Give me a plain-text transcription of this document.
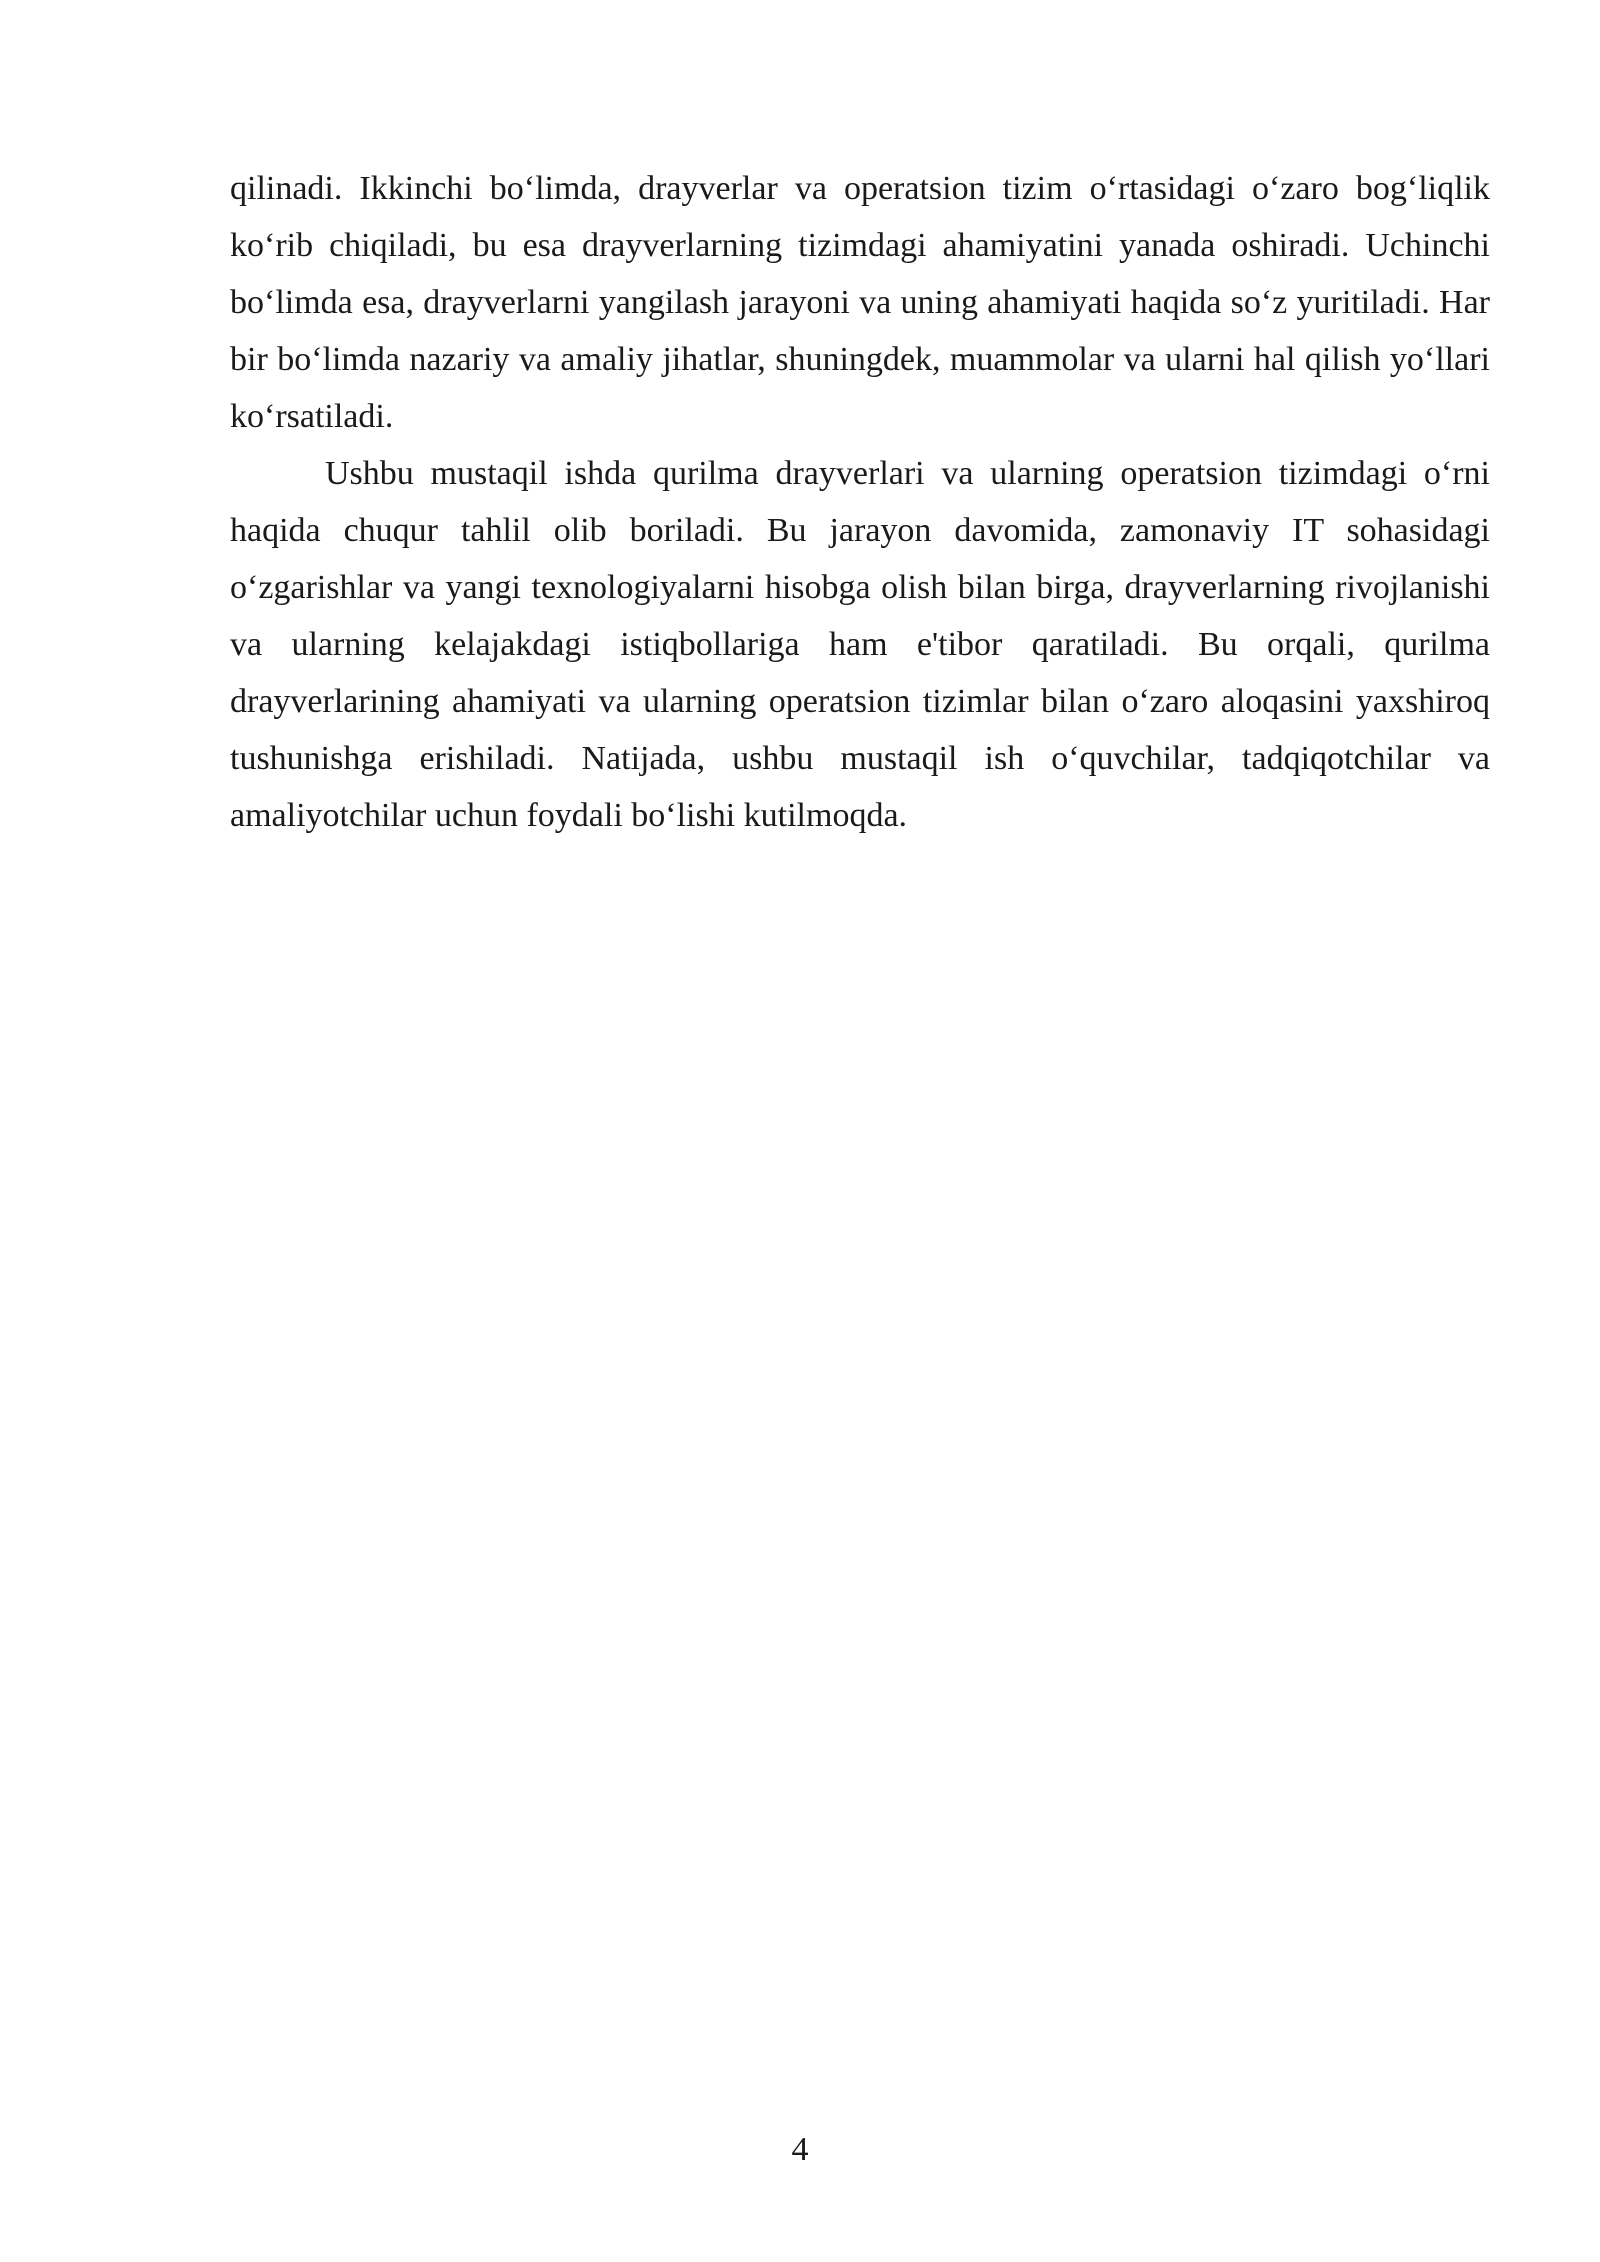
qilinadi. Ikkinchi bo‘limda, drayverlar va operatsion tizim o‘rtasidagi o‘zaro bog‘liqlik ko‘rib chiqiladi, bu esa drayverlarning tizimdagi ahamiyatini yanada oshiradi. Uchinchi bo‘limda esa, drayverlarni yangilash jarayoni va uning ahamiyati haqida so‘z yuritiladi. Har bir bo‘limda nazariy va amaliy jihatlar, shuningdek, muammolar va ularni hal qilish yo‘llari ko‘rsatiladi.

Ushbu mustaqil ishda qurilma drayverlari va ularning operatsion tizimdagi o‘rni haqida chuqur tahlil olib boriladi. Bu jarayon davomida, zamonaviy IT sohasidagi o‘zgarishlar va yangi texnologiyalarni hisobga olish bilan birga, drayverlarning rivojlanishi va ularning kelajakdagi istiqbollariga ham e'tibor qaratiladi. Bu orqali, qurilma drayverlarining ahamiyati va ularning operatsion tizimlar bilan o‘zaro aloqasini yaxshiroq tushunishga erishiladi. Natijada, ushbu mustaqil ish o‘quvchilar, tadqiqotchilar va amaliyotchilar uchun foydali bo‘lishi kutilmoqda.

4
